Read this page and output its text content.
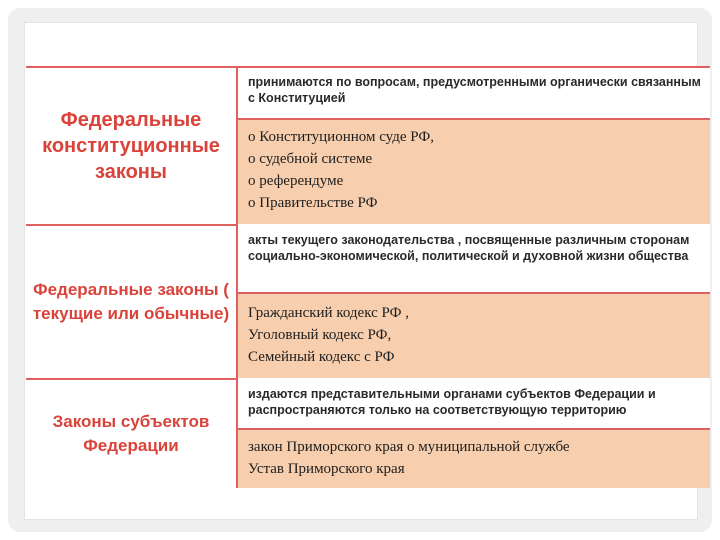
Федеральные конституционные законы
принимаются по вопросам, предусмотренными органически связанным с Конституцией
о Конституционном суде РФ,
о судебной системе
о референдуме
о Правительстве РФ
Федеральные законы ( текущие или обычные)
акты текущего законодательства , посвященные различным сторонам социально-экономической, политической и духовной жизни общества
Гражданский кодекс РФ ,
Уголовный кодекс РФ,
Семейный кодекс с РФ
Законы субъектов Федерации
издаются представительными органами субъектов Федерации и распространяются только на соответствующую территорию
закон Приморского края о муниципальной службе
Устав Приморского края
